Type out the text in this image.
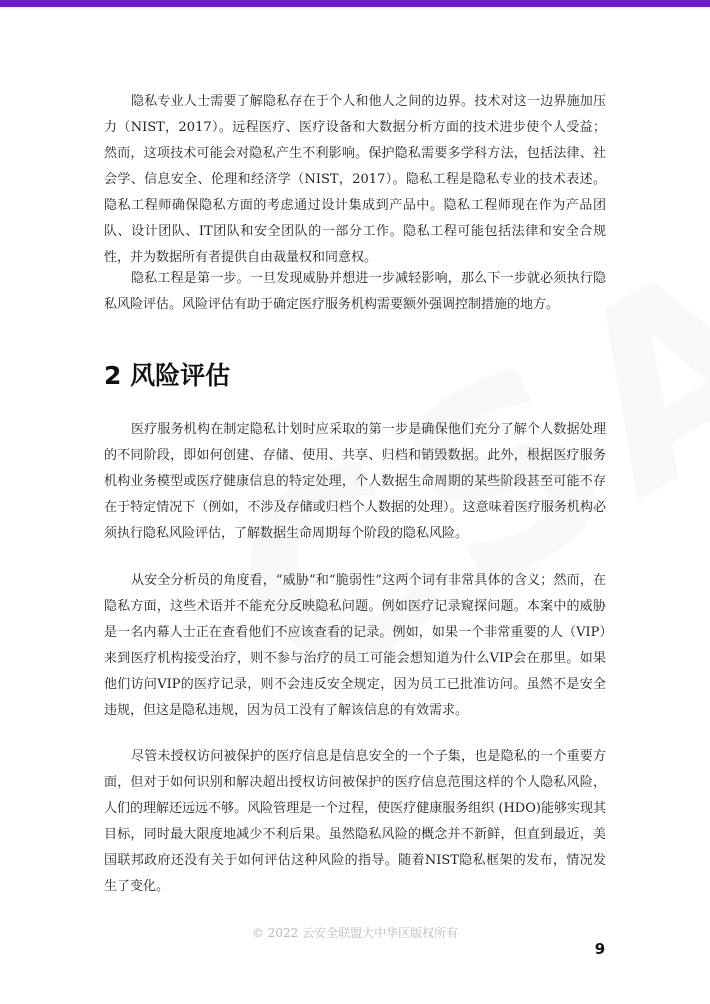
隐私专业人士需要了解隐私存在于个人和他人之间的边界。技术对这一边界施加压力（NIST，2017）。远程医疗、医疗设备和大数据分析方面的技术进步使个人受益；然而，这项技术可能会对隐私产生不利影响。保护隐私需要多学科方法，包括法律、社会学、信息安全、伦理和经济学（NIST，2017）。隐私工程是隐私专业的技术表述。隐私工程师确保隐私方面的考虑通过设计集成到产品中。隐私工程师现在作为产品团队、设计团队、IT团队和安全团队的一部分工作。隐私工程可能包括法律和安全合规性，并为数据所有者提供自由裁量权和同意权。

隐私工程是第一步。一旦发现威胁并想进一步减轻影响，那么下一步就必须执行隐私风险评估。风险评估有助于确定医疗服务机构需要额外强调控制措施的地方。

2 风险评估

医疗服务机构在制定隐私计划时应采取的第一步是确保他们充分了解个人数据处理的不同阶段，即如何创建、存储、使用、共享、归档和销毁数据。此外，根据医疗服务机构业务模型或医疗健康信息的特定处理，个人数据生命周期的某些阶段甚至可能不存在于特定情况下（例如，不涉及存储或归档个人数据的处理）。这意味着医疗服务机构必须执行隐私风险评估，了解数据生命周期每个阶段的隐私风险。

从安全分析员的角度看，“威胁”和“脆弱性”这两个词有非常具体的含义；然而，在隐私方面，这些术语并不能充分反映隐私问题。例如医疗记录窥探问题。本案中的威胁是一名内幕人士正在查看他们不应该查看的记录。例如，如果一个非常重要的人（VIP）来到医疗机构接受治疗，则不参与治疗的员工可能会想知道为什么VIP会在那里。如果他们访问VIP的医疗记录，则不会违反安全规定，因为员工已批准访问。虽然不是安全违规，但这是隐私违规，因为员工没有了解该信息的有效需求。

尽管未授权访问被保护的医疗信息是信息安全的一个子集，也是隐私的一个重要方面，但对于如何识别和解决超出授权访问被保护的医疗信息范围这样的个人隐私风险，人们的理解还远远不够。风险管理是一个过程，使医疗健康服务组织 (HDO)能够实现其目标，同时最大限度地减少不利后果。虽然隐私风险的概念并不新鲜，但直到最近，美国联邦政府还没有关于如何评估这种风险的指导。随着NIST隐私框架的发布，情况发生了变化。

© 2022 云安全联盟大中华区版权所有
9
